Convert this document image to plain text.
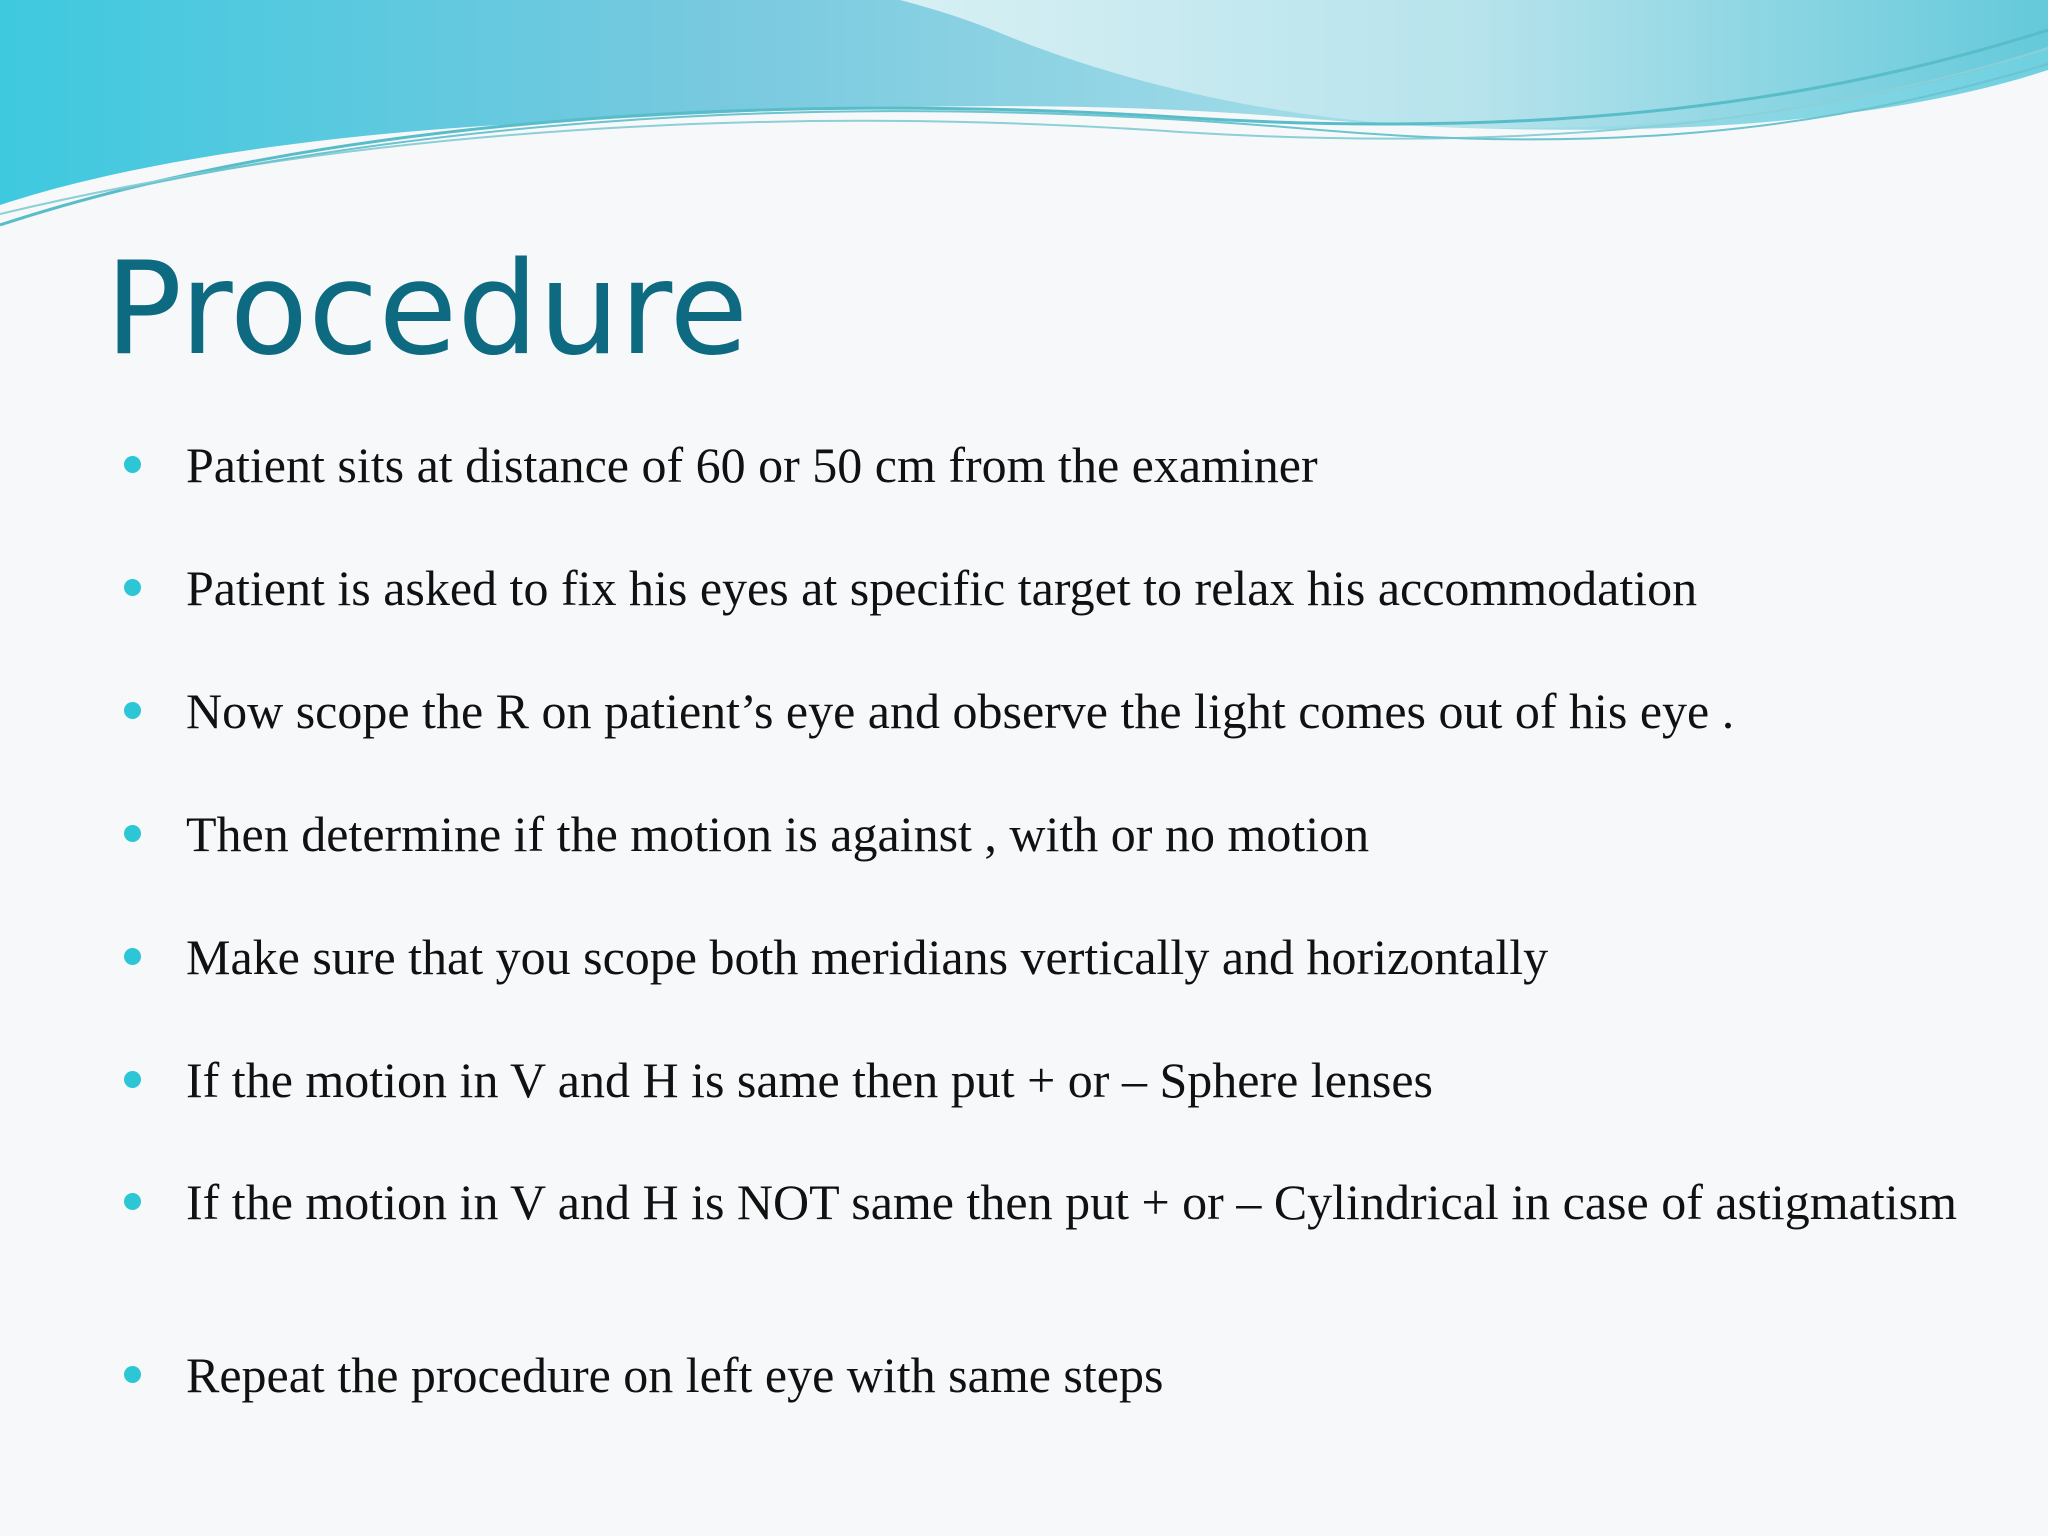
Procedure
Patient sits at distance of 60 or 50 cm from the examiner
Patient is asked to fix his eyes at specific target to relax his accommodation
Now scope the R on patient’s eye and observe the light comes out of his eye .
Then determine if the motion is against , with or no motion
Make sure that you scope both meridians vertically and horizontally
If the motion in V and H is same then put + or – Sphere lenses
If the motion in V and H is NOT same then put + or – Cylindrical in case of astigmatism
Repeat the procedure on left eye with same steps
